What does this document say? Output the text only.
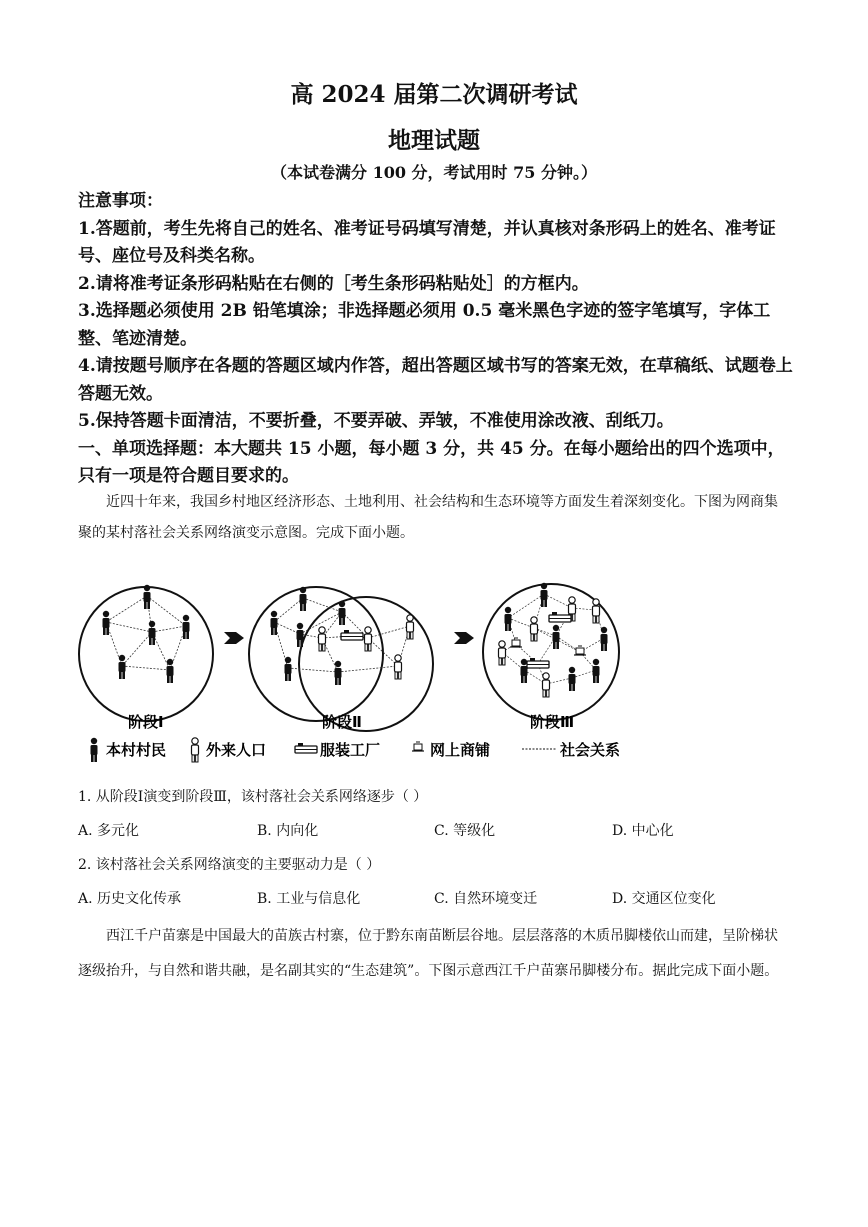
高 2024 届第二次调研考试
地理试题
（本试卷满分 100 分，考试用时 75 分钟。）

注意事项：

1.答题前，考生先将自己的姓名、准考证号码填写清楚，并认真核对条形码上的姓名、准考证号、座位号及科类名称。

2.请将准考证条形码粘贴在右侧的［考生条形码粘贴处］的方框内。

3.选择题必须使用 2B 铅笔填涂；非选择题必须用 0.5 毫米黑色字迹的签字笔填写，字体工整、笔迹清楚。

4.请按题号顺序在各题的答题区域内作答，超出答题区域书写的答案无效，在草稿纸、试题卷上答题无效。

5.保持答题卡面清洁，不要折叠，不要弄破、弄皱，不准使用涂改液、刮纸刀。

一、单项选择题：本大题共 15 小题，每小题 3 分，共 45 分。在每小题给出的四个选项中，只有一项是符合题目要求的。

近四十年来，我国乡村地区经济形态、土地利用、社会结构和生态环境等方面发生着深刻变化。下图为网商集聚的某村落社会关系网络演变示意图。完成下面小题。
阶段Ⅰ	阶段Ⅱ	阶段Ⅲ
本村村民	外来人口	服装工厂	网上商铺	社会关系
1. 从阶段Ⅰ演变到阶段Ⅲ，该村落社会关系网络逐步（ ）
A. 多元化	B. 内向化	C. 等级化	D. 中心化
2. 该村落社会关系网络演变的主要驱动力是（ ）
A. 历史文化传承	B. 工业与信息化	C. 自然环境变迁	D. 交通区位变化
西江千户苗寨是中国最大的苗族古村寨，位于黔东南苗断层谷地。层层落落的木质吊脚楼依山而建，呈阶梯状逐级抬升，与自然和谐共融，是名副其实的“生态建筑”。下图示意西江千户苗寨吊脚楼分布。据此完成下面小题。
